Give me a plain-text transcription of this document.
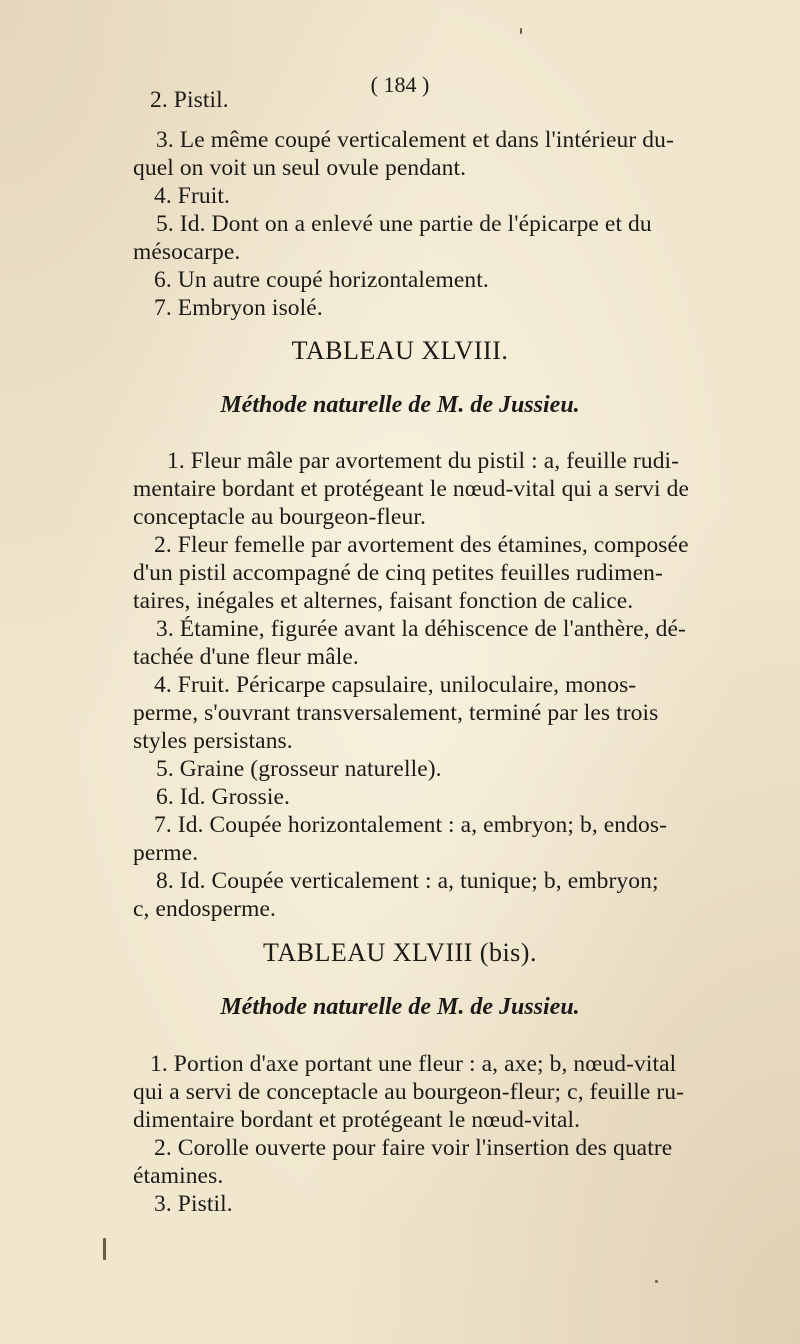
( 184 )
2. Pistil.
3. Le même coupé verticalement et dans l'intérieur du-
quel on voit un seul ovule pendant.
4. Fruit.
5. Id. Dont on a enlevé une partie de l'épicarpe et du
mésocarpe.
6. Un autre coupé horizontalement.
7. Embryon isolé.
TABLEAU XLVIII.
Méthode naturelle de M. de Jussieu.
1. Fleur mâle par avortement du pistil : a, feuille rudi-
mentaire bordant et protégeant le nœud-vital qui a servi de
conceptacle au bourgeon-fleur.
2. Fleur femelle par avortement des étamines, composée
d'un pistil accompagné de cinq petites feuilles rudimen-
taires, inégales et alternes, faisant fonction de calice.
3. Étamine, figurée avant la déhiscence de l'anthère, dé-
tachée d'une fleur mâle.
4. Fruit. Péricarpe capsulaire, uniloculaire, monos-
perme, s'ouvrant transversalement, terminé par les trois
styles persistans.
5. Graine (grosseur naturelle).
6. Id. Grossie.
7. Id. Coupée horizontalement : a, embryon; b, endos-
perme.
8. Id. Coupée verticalement : a, tunique; b, embryon;
c, endosperme.
TABLEAU XLVIII (bis).
Méthode naturelle de M. de Jussieu.
1. Portion d'axe portant une fleur : a, axe; b, nœud-vital
qui a servi de conceptacle au bourgeon-fleur; c, feuille ru-
dimentaire bordant et protégeant le nœud-vital.
2. Corolle ouverte pour faire voir l'insertion des quatre
étamines.
3. Pistil.
